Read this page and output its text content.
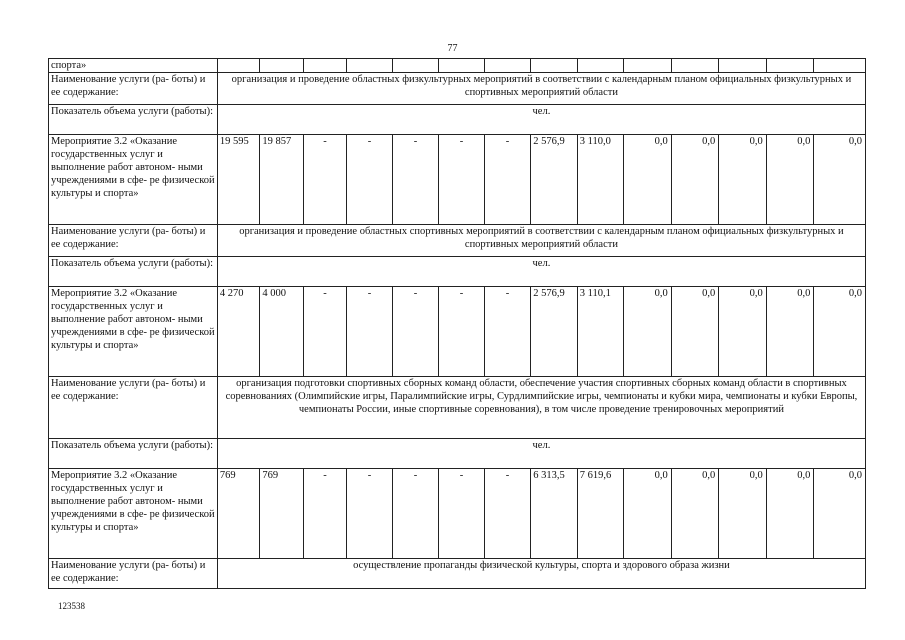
77
спорта»														
Наименование услуги (ра- боты) и ее содержание:	организация и проведение областных физкультурных мероприятий в соответствии с календарным планом официальных физкультурных и спортивных мероприятий области													
Показатель объема услуги (работы):	чел.													
Мероприятие 3.2 «Оказание государственных услуг и выполнение работ автоном- ными учреждениями в сфе- ре физической культуры и спорта»	19 595	19 857	-	-	-	-	-	2 576,9	3 110,0	0,0	0,0	0,0	0,0	0,0
Наименование услуги (ра- боты) и ее содержание:	организация и проведение областных спортивных мероприятий в соответствии с календарным планом официальных физкультурных и спортивных мероприятий области													
Показатель объема услуги (работы):	чел.													
Мероприятие 3.2 «Оказание государственных услуг и выполнение работ автоном- ными учреждениями в сфе- ре физической культуры и спорта»	4 270	4 000	-	-	-	-	-	2 576,9	3 110,1	0,0	0,0	0,0	0,0	0,0
Наименование услуги (ра- боты) и ее содержание:	организация подготовки спортивных сборных команд области, обеспечение участия спортивных сборных команд области в спортивных соревнованиях (Олимпийские игры, Паралимпийские игры, Сурдлимпийские игры, чемпионаты и кубки мира, чемпионаты и кубки Европы, чемпионаты России, иные спортивные соревнования), в том числе проведение тренировочных мероприятий													
Показатель объема услуги (работы):	чел.													
Мероприятие 3.2 «Оказание государственных услуг и выполнение работ автоном- ными учреждениями в сфе- ре физической культуры и спорта»	769	769	-	-	-	-	-	6 313,5	7 619,6	0,0	0,0	0,0	0,0	0,0
Наименование услуги (ра- боты) и ее содержание:	осуществление пропаганды физической культуры, спорта и здорового образа жизни													
123538
